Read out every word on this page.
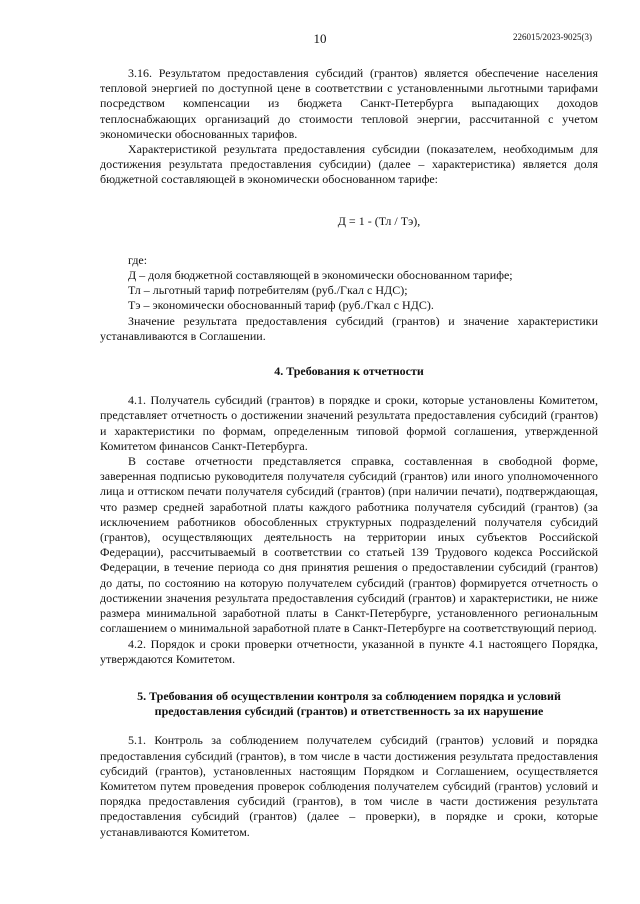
10	226015/2023-9025(3)

3.16. Результатом предоставления субсидий (грантов) является обеспечение населения тепловой энергией по доступной цене в соответствии с установленными льготными тарифами посредством компенсации из бюджета Санкт-Петербурга выпадающих доходов теплоснабжающих организаций до стоимости тепловой энергии, рассчитанной с учетом экономически обоснованных тарифов.

Характеристикой результата предоставления субсидии (показателем, необходимым для достижения результата предоставления субсидии) (далее – характеристика) является доля бюджетной составляющей в экономически обоснованном тарифе:

Д = 1 - (Тл / Тэ),

где:

Д – доля бюджетной составляющей в экономически обоснованном тарифе;

Тл – льготный тариф потребителям (руб./Гкал с НДС);

Тэ – экономически обоснованный тариф (руб./Гкал с НДС).

Значение результата предоставления субсидий (грантов) и значение характеристики устанавливаются в Соглашении.

4. Требования к отчетности

4.1. Получатель субсидий (грантов) в порядке и сроки, которые установлены Комитетом, представляет отчетность о достижении значений результата предоставления субсидий (грантов) и характеристики по формам, определенным типовой формой соглашения, утвержденной Комитетом финансов Санкт-Петербурга.

В составе отчетности представляется справка, составленная в свободной форме, заверенная подписью руководителя получателя субсидий (грантов) или иного уполномоченного лица и оттиском печати получателя субсидий (грантов) (при наличии печати), подтверждающая, что размер средней заработной платы каждого работника получателя субсидий (грантов) (за исключением работников обособленных структурных подразделений получателя субсидий (грантов), осуществляющих деятельность на территории иных субъектов Российской Федерации), рассчитываемый в соответствии со статьей 139 Трудового кодекса Российской Федерации, в течение периода со дня принятия решения о предоставлении субсидий (грантов) до даты, по состоянию на которую получателем субсидий (грантов) формируется отчетность о достижении значения результата предоставления субсидий (грантов) и характеристики, не ниже размера минимальной заработной платы в Санкт-Петербурге, установленного региональным соглашением о минимальной заработной плате в Санкт-Петербурге на соответствующий период.

4.2. Порядок и сроки проверки отчетности, указанной в пункте 4.1 настоящего Порядка, утверждаются Комитетом.

5. Требования об осуществлении контроля за соблюдением порядка и условий
предоставления субсидий (грантов) и ответственность за их нарушение

5.1. Контроль за соблюдением получателем субсидий (грантов) условий и порядка предоставления субсидий (грантов), в том числе в части достижения результата предоставления субсидий (грантов), установленных настоящим Порядком и Соглашением, осуществляется Комитетом путем проведения проверок соблюдения получателем субсидий (грантов) условий и порядка предоставления субсидий (грантов), в том числе в части достижения результата предоставления субсидий (грантов) (далее – проверки), в порядке и сроки, которые устанавливаются Комитетом.
